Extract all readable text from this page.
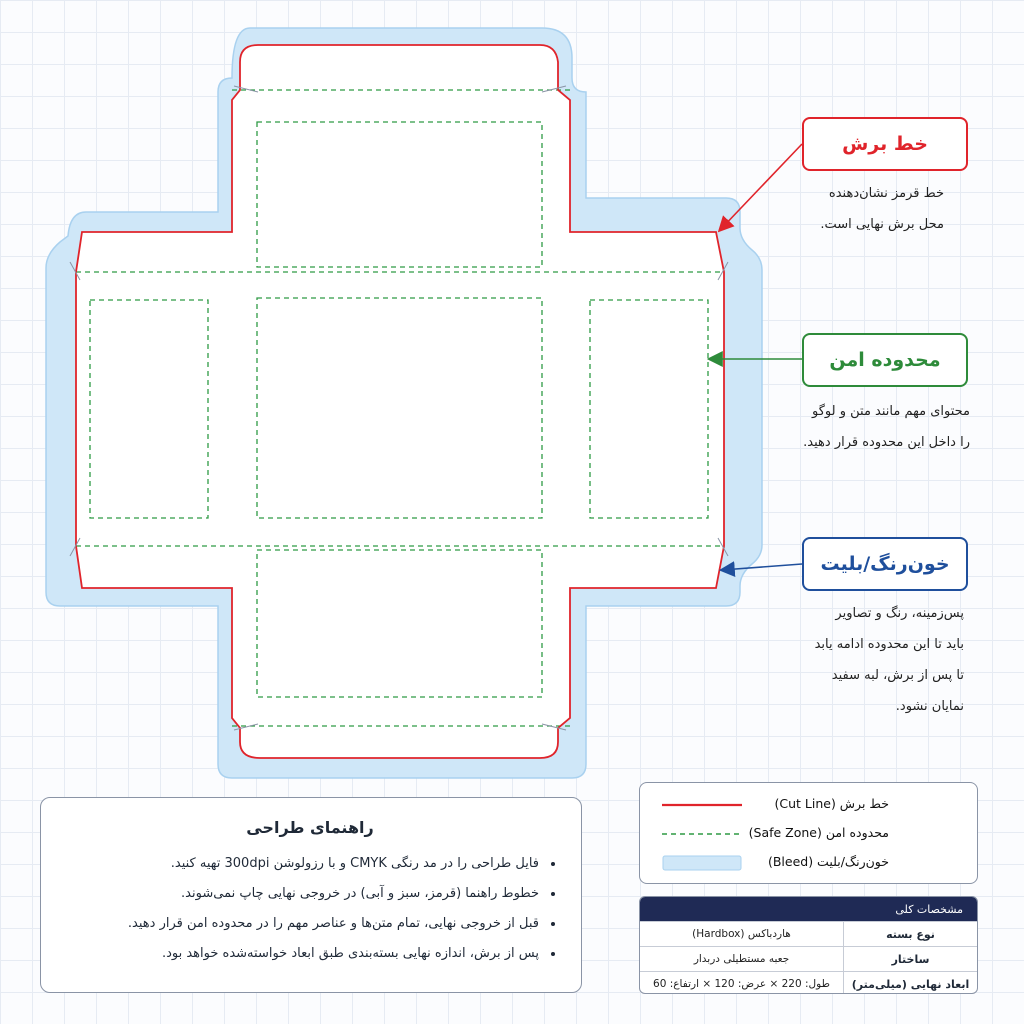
خط برش
خط قرمز نشان‌دهنده
محل برش نهایی است.
محدوده امن
محتوای مهم مانند متن و لوگو
را داخل این محدوده قرار دهید.
خون‌رنگ/بلیت
پس‌زمینه، رنگ و تصاویر
باید تا این محدوده ادامه یابد
تا پس از برش، لبه سفید
نمایان نشود.
راهنمای طراحی
• فایل طراحی را در مد رنگی CMYK و با رزولوشن 300dpi تهیه کنید.
• خطوط راهنما (قرمز، سبز و آبی) در خروجی نهایی چاپ نمی‌شوند.
• قبل از خروجی نهایی، تمام متن‌ها و عناصر مهم را در محدوده امن قرار دهید.
• پس از برش، اندازه نهایی بسته‌بندی طبق ابعاد خواسته‌شده خواهد بود.
خط برش (Cut Line)
محدوده امن (Safe Zone)
خون‌رنگ/بلیت (Bleed)
مشخصات کلی
نوع بسته
هاردباکس (Hardbox)
ساختار
جعبه مستطیلی دربدار
ابعاد نهایی (میلی‌متر)
طول: 220 × عرض: 120 × ارتفاع: 60
